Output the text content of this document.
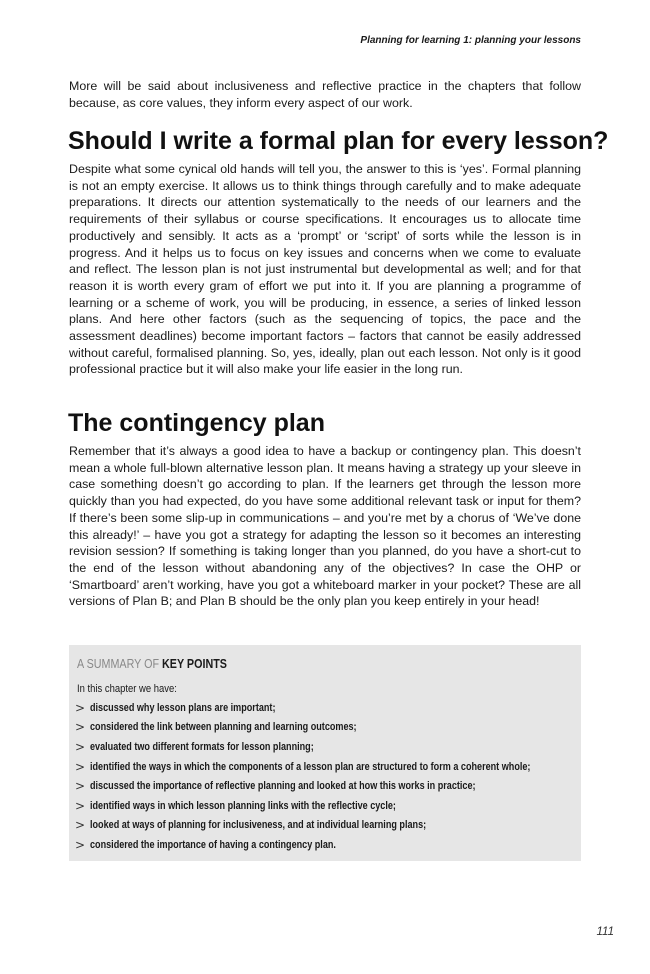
Planning for learning 1: planning your lessons

More will be said about inclusiveness and reflective practice in the chapters that follow because, as core values, they inform every aspect of our work.

Should I write a formal plan for every lesson?

Despite what some cynical old hands will tell you, the answer to this is ‘yes’. Formal planning is not an empty exercise. It allows us to think things through carefully and to make adequate preparations. It directs our attention systematically to the needs of our learners and the requirements of their syllabus or course specifications. It encourages us to allocate time productively and sensibly. It acts as a ‘prompt’ or ‘script’ of sorts while the lesson is in progress. And it helps us to focus on key issues and concerns when we come to evaluate and reflect. The lesson plan is not just instrumental but developmental as well; and for that reason it is worth every gram of effort we put into it. If you are planning a programme of learning or a scheme of work, you will be producing, in essence, a series of linked lesson plans. And here other factors (such as the sequencing of topics, the pace and the assessment deadlines) become important factors – factors that cannot be easily addressed without careful, formalised planning. So, yes, ideally, plan out each lesson. Not only is it good professional practice but it will also make your life easier in the long run.

The contingency plan

Remember that it’s always a good idea to have a backup or contingency plan. This doesn’t mean a whole full-blown alternative lesson plan. It means having a strategy up your sleeve in case something doesn’t go according to plan. If the learners get through the lesson more quickly than you had expected, do you have some additional relevant task or input for them? If there’s been some slip-up in communications – and you’re met by a chorus of ‘We’ve done this already!’ – have you got a strategy for adapting the lesson so it becomes an interesting revision session? If something is taking longer than you planned, do you have a short-cut to the end of the lesson without abandoning any of the objectives? In case the OHP or ‘Smartboard’ aren’t working, have you got a whiteboard marker in your pocket? These are all versions of Plan B; and Plan B should be the only plan you keep entirely in your head!

A SUMMARY OF KEY POINTS
In this chapter we have:
> discussed why lesson plans are important;
> considered the link between planning and learning outcomes;
> evaluated two different formats for lesson planning;
> identified the ways in which the components of a lesson plan are structured to form a coherent whole;
> discussed the importance of reflective planning and looked at how this works in practice;
> identified ways in which lesson planning links with the reflective cycle;
> looked at ways of planning for inclusiveness, and at individual learning plans;
> considered the importance of having a contingency plan.
111
